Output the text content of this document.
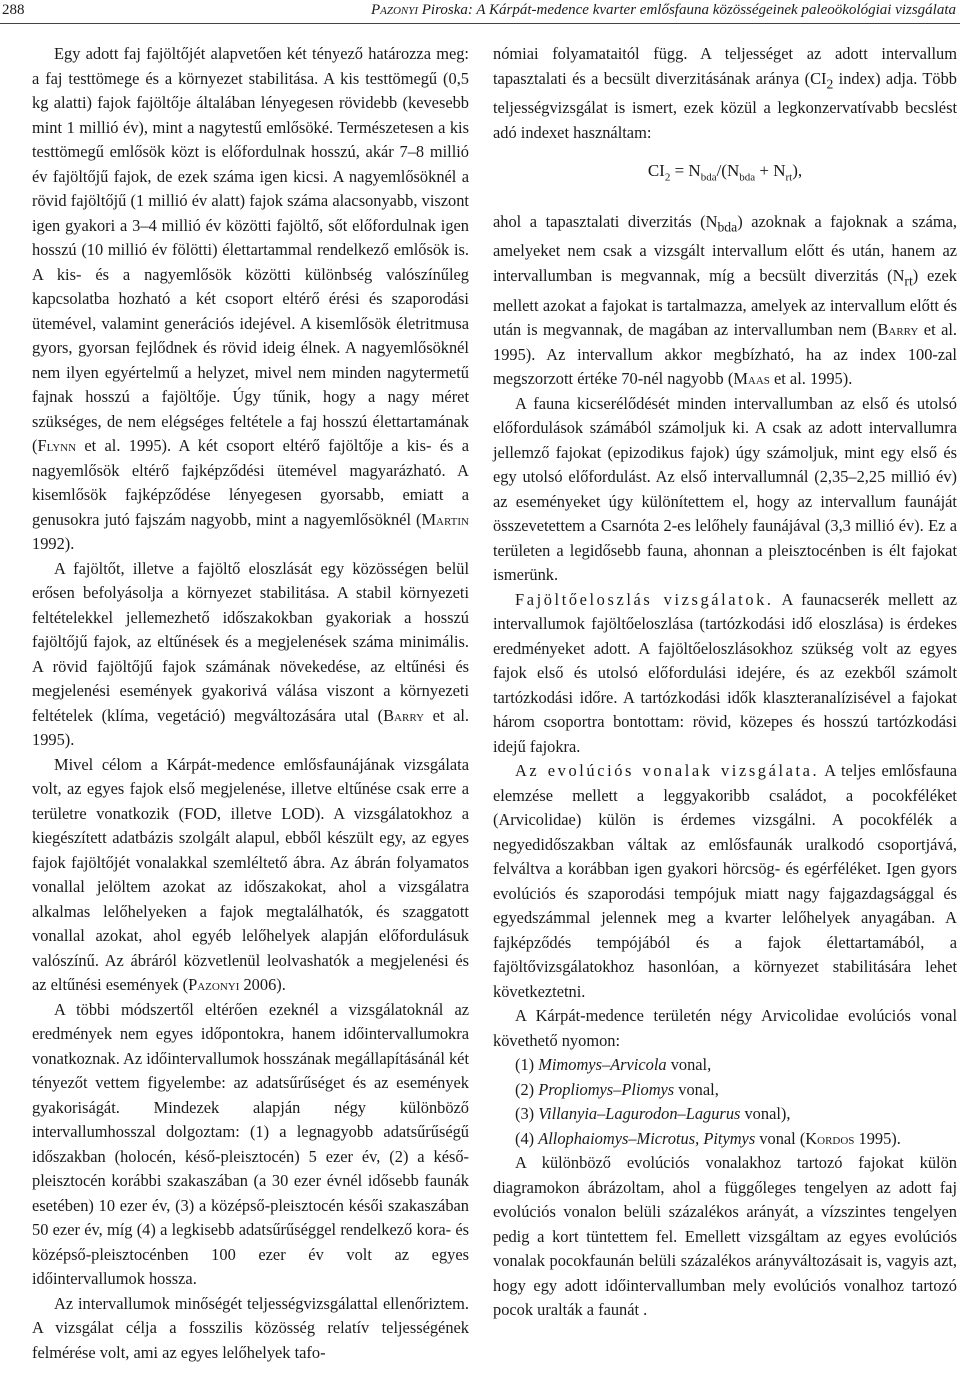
288	Pazonyi Piroska: A Kárpát-medence kvarter emlősfauna közösségeinek paleoökológiai vizsgálata

Egy adott faj fajöltőjét alapvetően két tényező határozza meg: a faj testtömege és a környezet stabilitása. A kis testtömegű (0,5 kg alatti) fajok fajöltője általában lényegesen rövidebb (kevesebb mint 1 millió év), mint a nagytestű emlősöké. Természetesen a kis testtömegű emlősök közt is előfordulnak hosszú, akár 7–8 millió év fajöltőjű fajok, de ezek száma igen kicsi. A nagyemlősöknél a rövid fajöltőjű (1 millió év alatt) fajok száma alacsonyabb, viszont igen gyakori a 3–4 millió év közötti fajöltő, sőt előfordulnak igen hosszú (10 millió év fölötti) élettartammal rendelkező emlősök is. A kis- és a nagyemlősök közötti különbség valószínűleg kapcsolatba hozható a két csoport eltérő érési és szaporodási ütemével, valamint generációs idejével. A kisemlősök életritmusa gyors, gyorsan fejlődnek és rövid ideig élnek. A nagyemlősöknél nem ilyen egyértelmű a helyzet, mivel nem minden nagytermetű fajnak hosszú a fajöltője. Úgy tűnik, hogy a nagy méret szükséges, de nem elégséges feltétele a faj hosszú élettartamának (Flynn et al. 1995). A két csoport eltérő fajöltője a kis- és a nagyemlősök eltérő fajképződési ütemével magyarázható. A kisemlősök fajképződése lényegesen gyorsabb, emiatt a genusokra jutó fajszám nagyobb, mint a nagyemlősöknél (Martin 1992).

A fajöltőt, illetve a fajöltő eloszlását egy közösségen belül erősen befolyásolja a környezet stabilitása. A stabil környezeti feltételekkel jellemezhető időszakokban gyakoriak a hosszú fajöltőjű fajok, az eltűnések és a megjelenések száma minimális. A rövid fajöltőjű fajok számának növekedése, az eltűnési és megjelenési események gyakorivá válása viszont a környezeti feltételek (klíma, vegetáció) megváltozására utal (Barry et al. 1995).

Mivel célom a Kárpát-medence emlősfaunájának vizsgálata volt, az egyes fajok első megjelenése, illetve eltűnése csak erre a területre vonatkozik (FOD, illetve LOD). A vizsgálatokhoz a kiegészített adatbázis szolgált alapul, ebből készült egy, az egyes fajok fajöltőjét vonalakkal szemléltető ábra. Az ábrán folyamatos vonallal jelöltem azokat az időszakokat, ahol a vizsgálatra alkalmas lelőhelyeken a fajok megtalálhatók, és szaggatott vonallal azokat, ahol egyéb lelőhelyek alapján előfordulásuk valószínű. Az ábráról közvetlenül leolvashatók a megjelenési és az eltűnési események (Pazonyi 2006).

A többi módszertől eltérően ezeknél a vizsgálatoknál az eredmények nem egyes időpontokra, hanem időintervallumokra vonatkoznak. Az időintervallumok hosszának megállapításánál két tényezőt vettem figyelembe: az adatsűrűséget és az események gyakoriságát. Mindezek alapján négy különböző intervallumhosszal dolgoztam: (1) a legnagyobb adatsűrűségű időszakban (holocén, késő-pleisztocén) 5 ezer év, (2) a késő-pleisztocén korábbi szakaszában (a 30 ezer évnél idősebb faunák esetében) 10 ezer év, (3) a középső-pleisztocén késői szakaszában 50 ezer év, míg (4) a legkisebb adatsűrűséggel rendelkező kora- és középső-pleisztocénben 100 ezer év volt az egyes időintervallumok hossza.

Az intervallumok minőségét teljességvizsgálattal ellenőriztem. A vizsgálat célja a fosszilis közösség relatív teljességének felmérése volt, ami az egyes lelőhelyek tafo-

nómiai folyamataitól függ. A teljességet az adott intervallum tapasztalati és a becsült diverzitásának aránya ($CI_2$ index) adja. Több teljességvizsgálat is ismert, ezek közül a legkonzervatívabb becslést adó indexet használtam:

$CI_2 = N_{bda}/(N_{bda} + N_{rt})$,

ahol a tapasztalati diverzitás $(N_{bda})$ azoknak a fajoknak a száma, amelyeket nem csak a vizsgált intervallum előtt és után, hanem az intervallumban is megvannak, míg a becsült diverzitás $(N_{rt})$ ezek mellett azokat a fajokat is tartalmazza, amelyek az intervallum előtt és után is megvannak, de magában az intervallumban nem (Barry et al. 1995). Az intervallum akkor megbízható, ha az index 100-zal megszorzott értéke 70-nél nagyobb (Maas et al. 1995).

A fauna kicserélődését minden intervallumban az első és utolsó előfordulások számából számoljuk ki. A csak az adott intervallumra jellemző fajokat (epizodikus fajok) úgy számoljuk, mint egy első és egy utolsó előfordulást. Az első intervallumnál (2,35–2,25 millió év) az eseményeket úgy különítettem el, hogy az intervallum faunáját összevetettem a Csarnóta 2-es lelőhely faunájával (3,3 millió év). Ez a területen a legidősebb fauna, ahonnan a pleisztocénben is élt fajokat ismerünk.

Fajöltőeloszlás vizsgálatok. A faunacserék mellett az intervallumok fajöltőeloszlása (tartózkodási idő eloszlása) is érdekes eredményeket adott. A fajöltőeloszlásokhoz szükség volt az egyes fajok első és utolsó előfordulási idejére, és az ezekből számolt tartózkodási időre. A tartózkodási idők klaszteranalízisével a fajokat három csoportra bontottam: rövid, közepes és hosszú tartózkodási idejű fajokra.

Az evolúciós vonalak vizsgálata. A teljes emlősfauna elemzése mellett a leggyakoribb családot, a pocokféléket (Arvicolidae) külön is érdemes vizsgálni. A pocokfélék a negyedidőszakban váltak az emlősfaunák uralkodó csoportjává, felváltva a korábban igen gyakori hörcsög- és egérféléket. Igen gyors evolúciós és szaporodási tempójuk miatt nagy fajgazdagsággal és egyedszámmal jelennek meg a kvarter lelőhelyek anyagában. A fajképződés tempójából és a fajok élettartamából, a fajöltővizsgálatokhoz hasonlóan, a környezet stabilitására lehet következtetni.

A Kárpát-medence területén négy Arvicolidae evolúciós vonal követhető nyomon:

(1) Mimomys–Arvicola vonal,

(2) Propliomys–Pliomys vonal,

(3) Villanyia–Lagurodon–Lagurus vonal),

(4) Allophaiomys–Microtus, Pitymys vonal (Kordos 1995).

A különböző evolúciós vonalakhoz tartozó fajokat külön diagramokon ábrázoltam, ahol a függőleges tengelyen az adott faj evolúciós vonalon belüli százalékos arányát, a vízszintes tengelyen pedig a kort tüntettem fel. Emellett vizsgáltam az egyes evolúciós vonalak pocokfaunán belüli százalékos arányváltozásait is, vagyis azt, hogy egy adott időintervallumban mely evolúciós vonalhoz tartozó pocok uralták a faunát .
